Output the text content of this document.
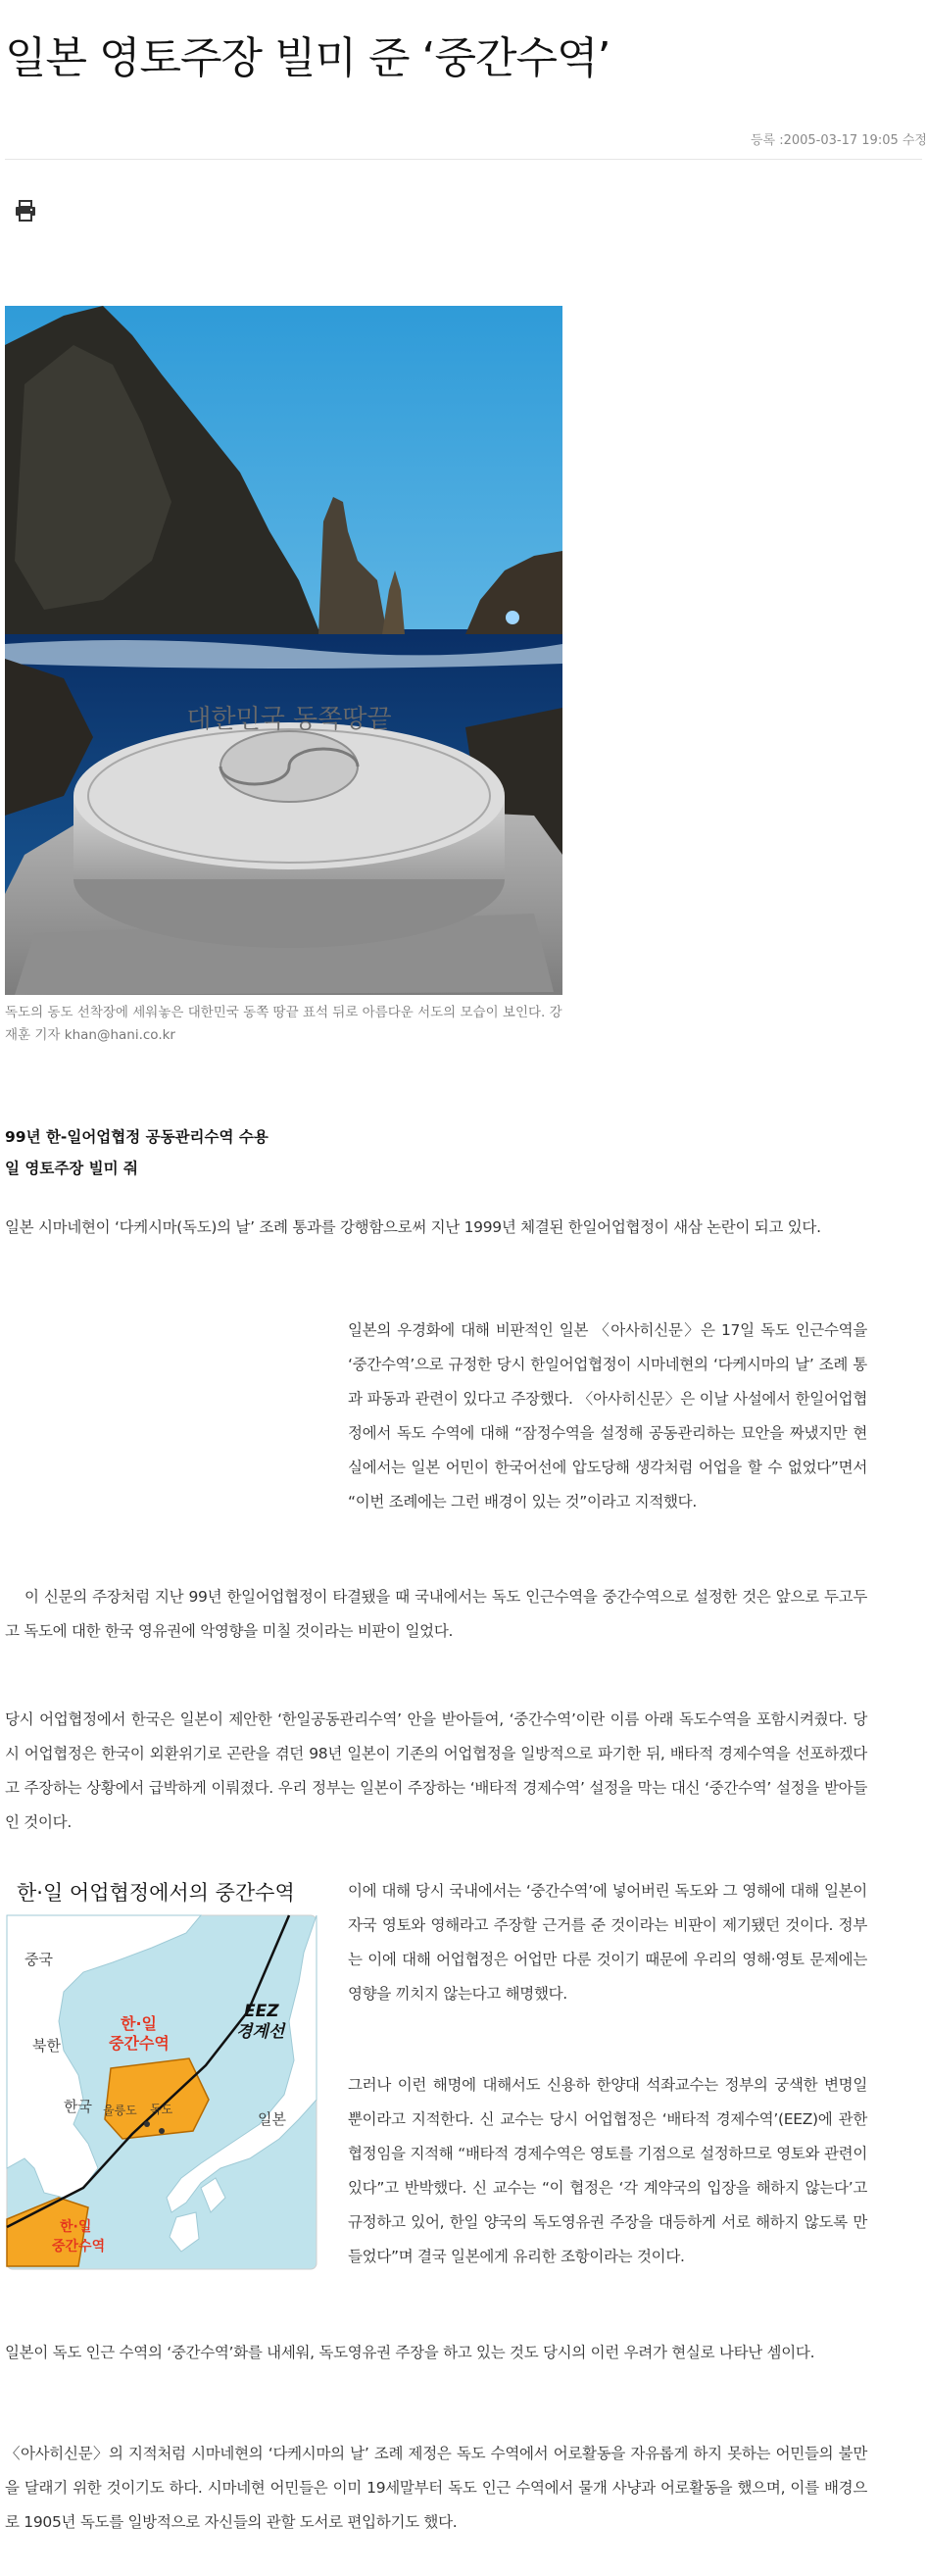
일본 영토주장 빌미 준 ‘중간수역’
등록 :2005-03-17 19:05 수정
대한민국 동쪽땅끝
독도의 동도 선착장에 세워놓은 대한민국 동쪽 땅끝 표석 뒤로 아름다운 서도의 모습이 보인다. 강재훈 기자 khan@hani.co.kr
99년 한-일어업협정 공동관리수역 수용
일 영토주장 빌미 줘

일본 시마네현이 ‘다케시마(독도)의 날’ 조례 통과를 강행함으로써 지난 1999년 체결된 한일어업협정이 새삼 논란이 되고 있다.

일본의 우경화에 대해 비판적인 일본 〈아사히신문〉은 17일 독도 인근수역을 ‘중간수역’으로 규정한 당시 한일어업협정이 시마네현의 ‘다케시마의 날’ 조례 통과 파동과 관련이 있다고 주장했다. 〈아사히신문〉은 이날 사설에서 한일어업협정에서 독도 수역에 대해 “잠정수역을 설정해 공동관리하는 묘안을 짜냈지만 현실에서는 일본 어민이 한국어선에 압도당해 생각처럼 어업을 할 수 없었다”면서 “이번 조례에는 그런 배경이 있는 것”이라고 지적했다.

이 신문의 주장처럼 지난 99년 한일어업협정이 타결됐을 때 국내에서는 독도 인근수역을 중간수역으로 설정한 것은 앞으로 두고두고 독도에 대한 한국 영유권에 악영향을 미칠 것이라는 비판이 일었다.

당시 어업협정에서 한국은 일본이 제안한 ‘한일공동관리수역’ 안을 받아들여, ‘중간수역’이란 이름 아래 독도수역을 포함시켜줬다. 당시 어업협정은 한국이 외환위기로 곤란을 겪던 98년 일본이 기존의 어업협정을 일방적으로 파기한 뒤, 배타적 경제수역을 선포하겠다고 주장하는 상황에서 급박하게 이뤄졌다. 우리 정부는 일본이 주장하는 ‘배타적 경제수역’ 설정을 막는 대신 ‘중간수역’ 설정을 받아들인 것이다.

이에 대해 당시 국내에서는 ‘중간수역’에 넣어버린 독도와 그 영해에 대해 일본이 자국 영토와 영해라고 주장할 근거를 준 것이라는 비판이 제기됐던 것이다. 정부는 이에 대해 어업협정은 어업만 다룬 것이기 때문에 우리의 영해·영토 문제에는 영향을 끼치지 않는다고 해명했다.

그러나 이런 해명에 대해서도 신용하 한양대 석좌교수는 정부의 궁색한 변명일 뿐이라고 지적한다. 신 교수는 당시 어업협정은 ‘배타적 경제수역’(EEZ)에 관한 협정임을 지적해 “배타적 경제수역은 영토를 기점으로 설정하므로 영토와 관련이 있다”고 반박했다. 신 교수는 “이 협정은 ‘각 계약국의 입장을 해하지 않는다’고 규정하고 있어, 한일 양국의 독도영유권 주장을 대등하게 서로 해하지 않도록 만들었다”며 결국 일본에게 유리한 조항이라는 것이다.

일본이 독도 인근 수역의 ‘중간수역’화를 내세워, 독도영유권 주장을 하고 있는 것도 당시의 이런 우려가 현실로 나타난 셈이다.

〈아사히신문〉의 지적처럼 시마네현의 ‘다케시마의 날’ 조례 제정은 독도 수역에서 어로활동을 자유롭게 하지 못하는 어민들의 불만을 달래기 위한 것이기도 하다. 시마네현 어민들은 이미 19세말부터 독도 인근 수역에서 물개 사냥과 어로활동을 했으며, 이를 배경으로 1905년 독도를 일방적으로 자신들의 관할 도서로 편입하기도 했다.

한·일 어업협정에서의 중간수역
중국
북한
한국
일본
울릉도 독도
한·일
중간수역
EEZ
경계선
한·일
중간수역
